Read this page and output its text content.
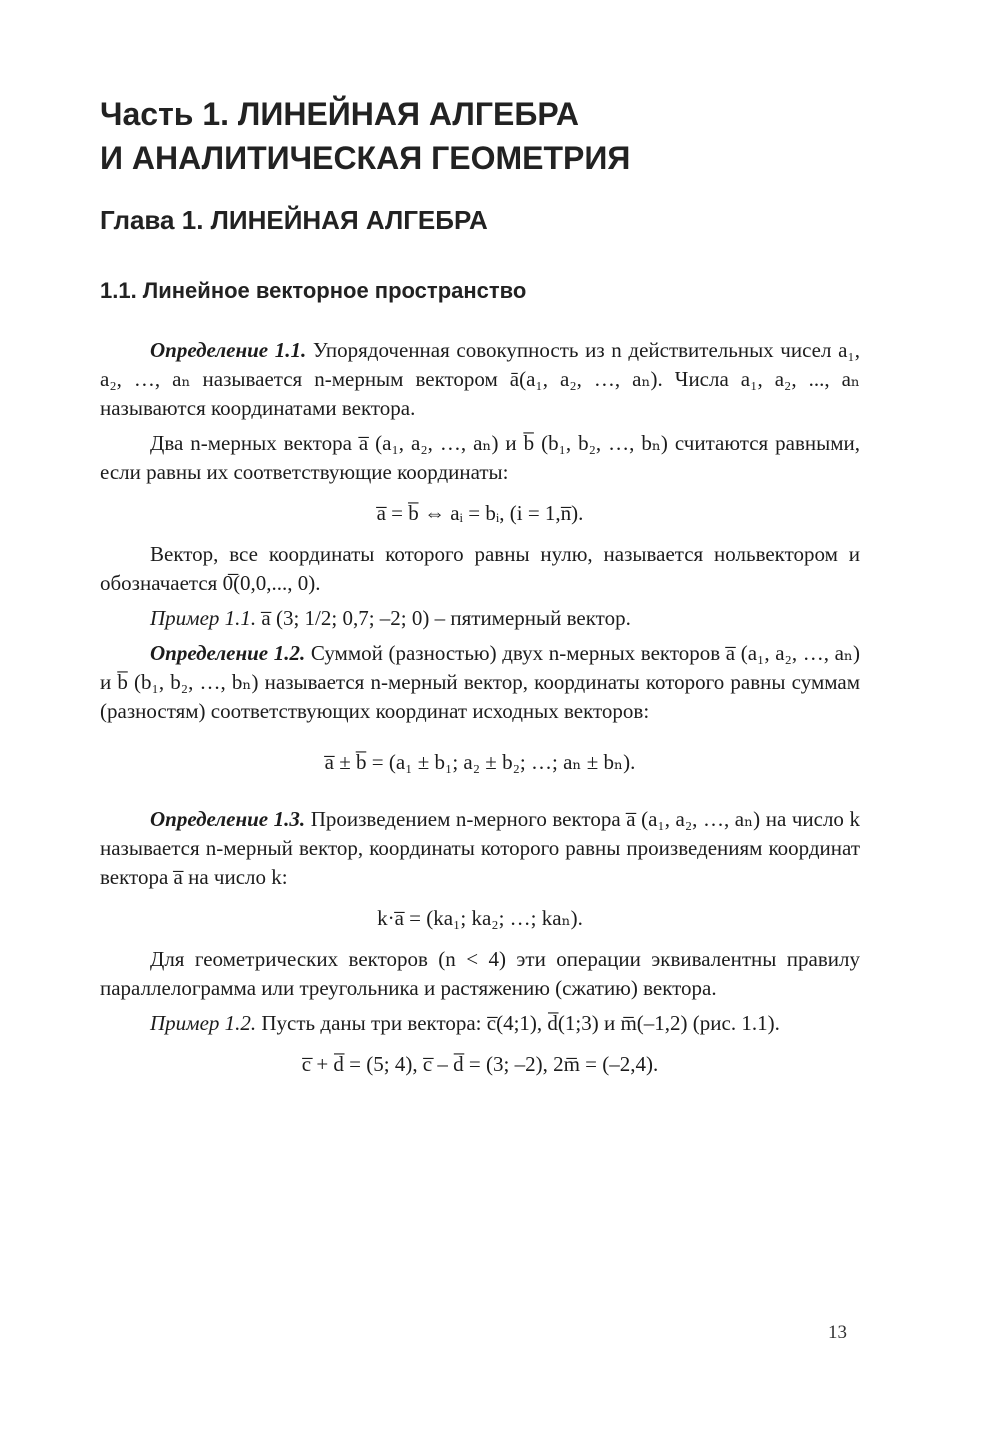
Часть 1. ЛИНЕЙНАЯ АЛГЕБРА
И АНАЛИТИЧЕСКАЯ ГЕОМЕТРИЯ
Глава 1. ЛИНЕЙНАЯ АЛГЕБРА
1.1. Линейное векторное пространство

Определение 1.1. Упорядоченная совокупность из n действительных чисел a₁, a₂, …, aₙ называется n-мерным вектором ā(a₁, a₂, …, aₙ). Числа a₁, a₂, ..., aₙ называются координатами вектора.

Два n-мерных вектора a̅ (a₁, a₂, …, aₙ) и b̅ (b₁, b₂, …, bₙ) считаются равными, если равны их соответствующие координаты:

a̅ = b̅ ⇔ aᵢ = bᵢ, (i = 1,n̅).

Вектор, все координаты которого равны нулю, называется нольвектором и обозначается 0̅(0,0,..., 0).

Пример 1.1. a̅ (3; 1/2; 0,7; –2; 0) – пятимерный вектор.

Определение 1.2. Суммой (разностью) двух n-мерных векторов a̅ (a₁, a₂, …, aₙ) и b̅ (b₁, b₂, …, bₙ) называется n-мерный вектор, координаты которого равны суммам (разностям) соответствующих координат исходных векторов:

a̅ ± b̅ = (a₁ ± b₁; a₂ ± b₂; …; aₙ ± bₙ).

Определение 1.3. Произведением n-мерного вектора a̅ (a₁, a₂, …, aₙ) на число k называется n-мерный вектор, координаты которого равны произведениям координат вектора a̅ на число k:

k·a̅ = (ka₁; ka₂; …; kaₙ).

Для геометрических векторов (n < 4) эти операции эквивалентны правилу параллелограмма или треугольника и растяжению (сжатию) вектора.

Пример 1.2. Пусть даны три вектора: c̅(4;1), d̅(1;3) и m̅(–1,2) (рис. 1.1).

c̅ + d̅ = (5; 4), c̅ – d̅ = (3; –2), 2m̅ = (–2,4).
13
